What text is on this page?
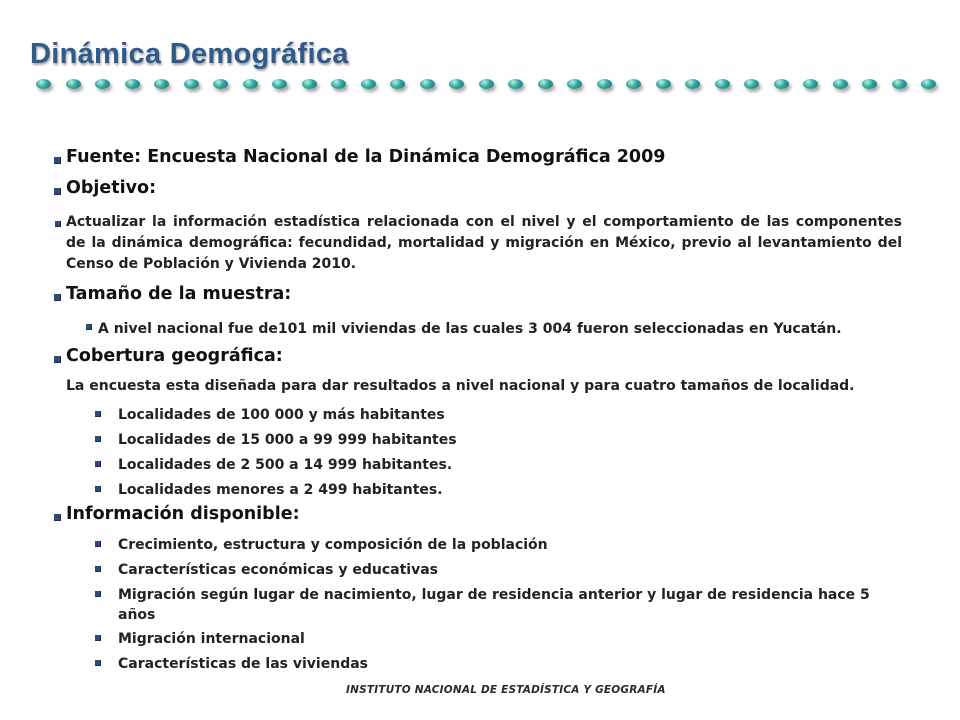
Dinámica Demográfica
Fuente: Encuesta Nacional de la Dinámica Demográfica 2009
Objetivo:
Actualizar la información estadística relacionada con el nivel y el comportamiento de las componentes de la dinámica demográfica: fecundidad, mortalidad y migración en México, previo al levantamiento del Censo de Población y Vivienda 2010.
Tamaño de la muestra:
A nivel nacional fue de101 mil viviendas de las cuales 3 004 fueron seleccionadas en Yucatán.
Cobertura geográfica:
La encuesta esta diseñada para dar resultados a nivel nacional y para cuatro tamaños de localidad.
Localidades de 100 000 y más habitantes
Localidades de 15 000 a 99 999 habitantes
Localidades de 2 500 a 14 999 habitantes.
Localidades menores a 2 499 habitantes.
Información disponible:
Crecimiento, estructura y composición de la población
Características económicas y educativas
Migración según lugar de nacimiento, lugar de residencia anterior y lugar de residencia hace 5 años
Migración internacional
Características de las viviendas
INSTITUTO NACIONAL DE ESTADÍSTICA Y GEOGRAFÍA
